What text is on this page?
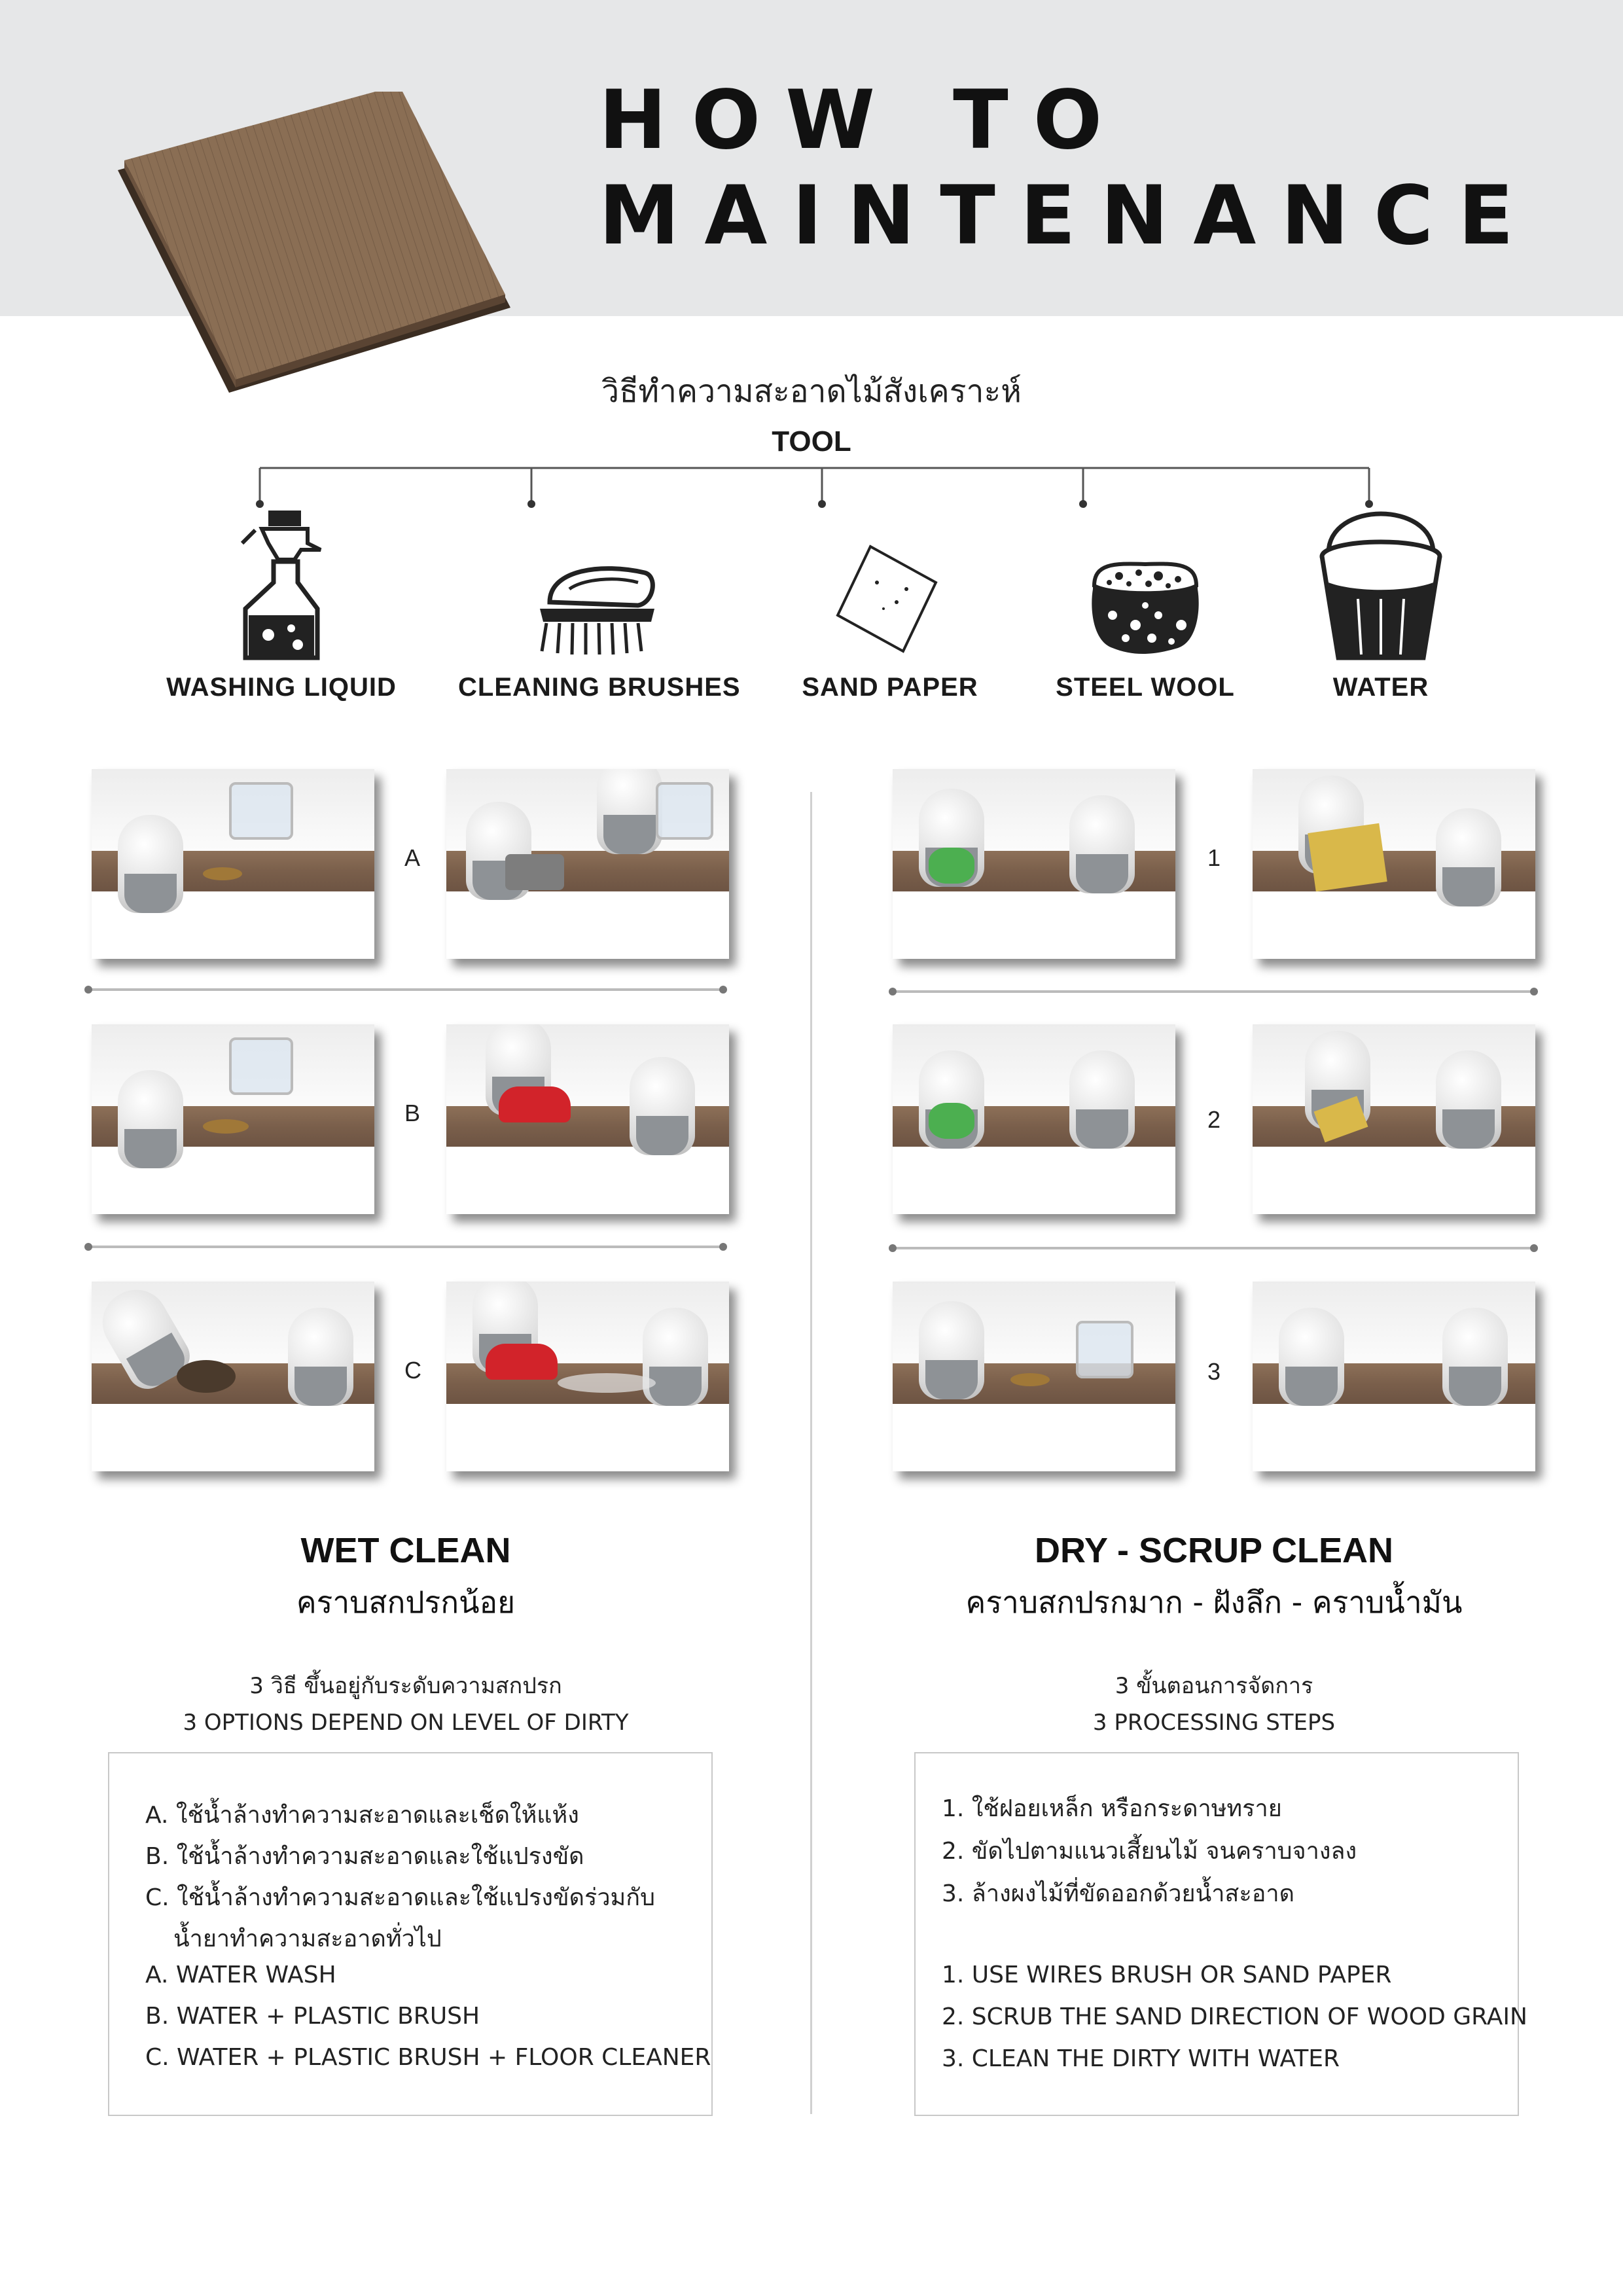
HOW TO
MAINTENANCE
วิธีทำความสะอาดไม้สังเคราะห์
TOOL
WASHING LIQUID	CLEANING BRUSHES	SAND PAPER	STEEL WOOL	WATER
A
B
C
1
2
3
WET CLEAN
คราบสกปรกน้อย
3 วิธี ขึ้นอยู่กับระดับความสกปรก
3 OPTIONS DEPEND ON LEVEL OF DIRTY
DRY - SCRUP CLEAN
คราบสกปรกมาก - ฝังลึก - คราบน้ำมัน
3 ขั้นตอนการจัดการ
3 PROCESSING STEPS
A. ใช้น้ำล้างทำความสะอาดและเช็ดให้แห้ง
B. ใช้น้ำล้างทำความสะอาดและใช้แปรงขัด
C. ใช้น้ำล้างทำความสะอาดและใช้แปรงขัดร่วมกับ
น้ำยาทำความสะอาดทั่วไป
A. WATER WASH
B. WATER + PLASTIC BRUSH
C. WATER + PLASTIC BRUSH + FLOOR CLEANER
1. ใช้ฝอยเหล็ก หรือกระดาษทราย
2. ขัดไปตามแนวเสี้ยนไม้ จนคราบจางลง
3. ล้างผงไม้ที่ขัดออกด้วยน้ำสะอาด
1. USE WIRES BRUSH OR SAND PAPER
2. SCRUB THE SAND DIRECTION OF WOOD GRAIN
3. CLEAN THE DIRTY WITH WATER
